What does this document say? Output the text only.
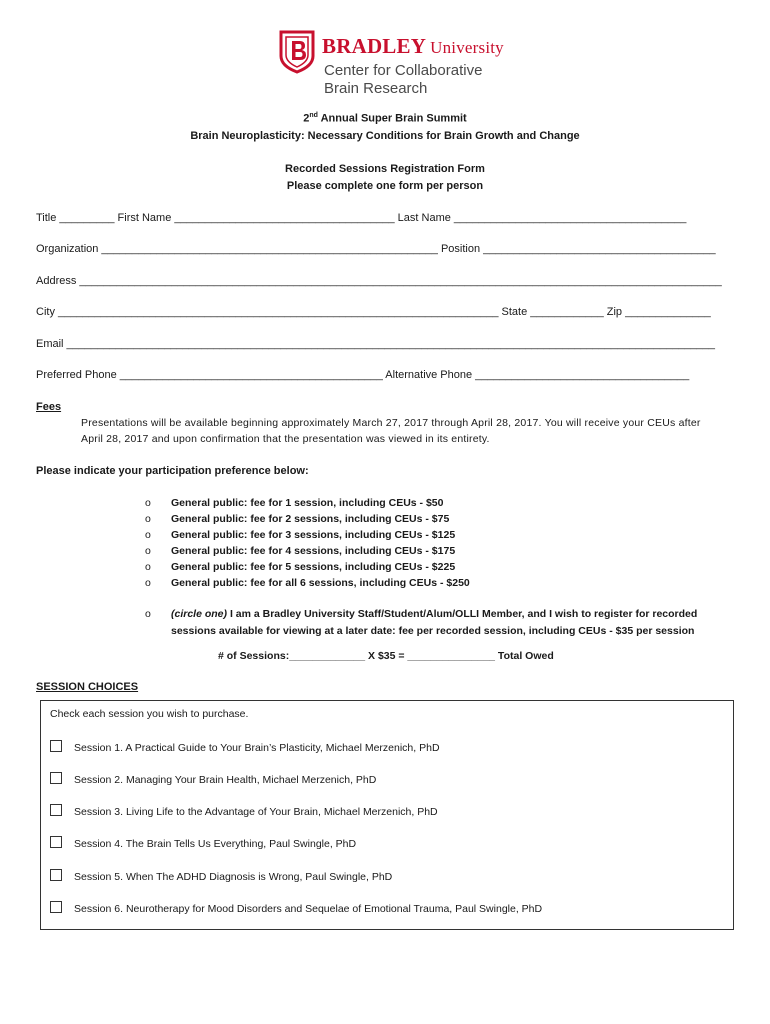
BRADLEY University
Center for Collaborative
Brain Research
2nd Annual Super Brain Summit
Brain Neuroplasticity: Necessary Conditions for Brain Growth and Change
Recorded Sessions Registration Form
Please complete one form per person
Title _________ First Name ____________________________________ Last Name ______________________________________
Organization _______________________________________________________ Position ______________________________________
Address _________________________________________________________________________________________________________
City ________________________________________________________________________ State ____________ Zip ______________
Email __________________________________________________________________________________________________________
Preferred Phone ___________________________________________ Alternative Phone ___________________________________
Fees
Presentations will be available beginning approximately March 27, 2017 through April 28, 2017. You will receive your CEUs after April 28, 2017 and upon confirmation that the presentation was viewed in its entirety.
Please indicate your participation preference below:
o General public: fee for 1 session, including CEUs - $50
o General public: fee for 2 sessions, including CEUs - $75
o General public: fee for 3 sessions, including CEUs - $125
o General public: fee for 4 sessions, including CEUs - $175
o General public: fee for 5 sessions, including CEUs - $225
o General public: fee for all 6 sessions, including CEUs - $250
o (circle one) I am a Bradley University Staff/Student/Alum/OLLI Member, and I wish to register for recorded sessions available for viewing at a later date: fee per recorded session, including CEUs - $35 per session
# of Sessions:_____________ X $35 = _______________ Total Owed
SESSION CHOICES
Check each session you wish to purchase.
Session 1. A Practical Guide to Your Brain’s Plasticity, Michael Merzenich, PhD
Session 2. Managing Your Brain Health, Michael Merzenich, PhD
Session 3. Living Life to the Advantage of Your Brain, Michael Merzenich, PhD
Session 4. The Brain Tells Us Everything, Paul Swingle, PhD
Session 5. When The ADHD Diagnosis is Wrong, Paul Swingle, PhD
Session 6. Neurotherapy for Mood Disorders and Sequelae of Emotional Trauma, Paul Swingle, PhD
